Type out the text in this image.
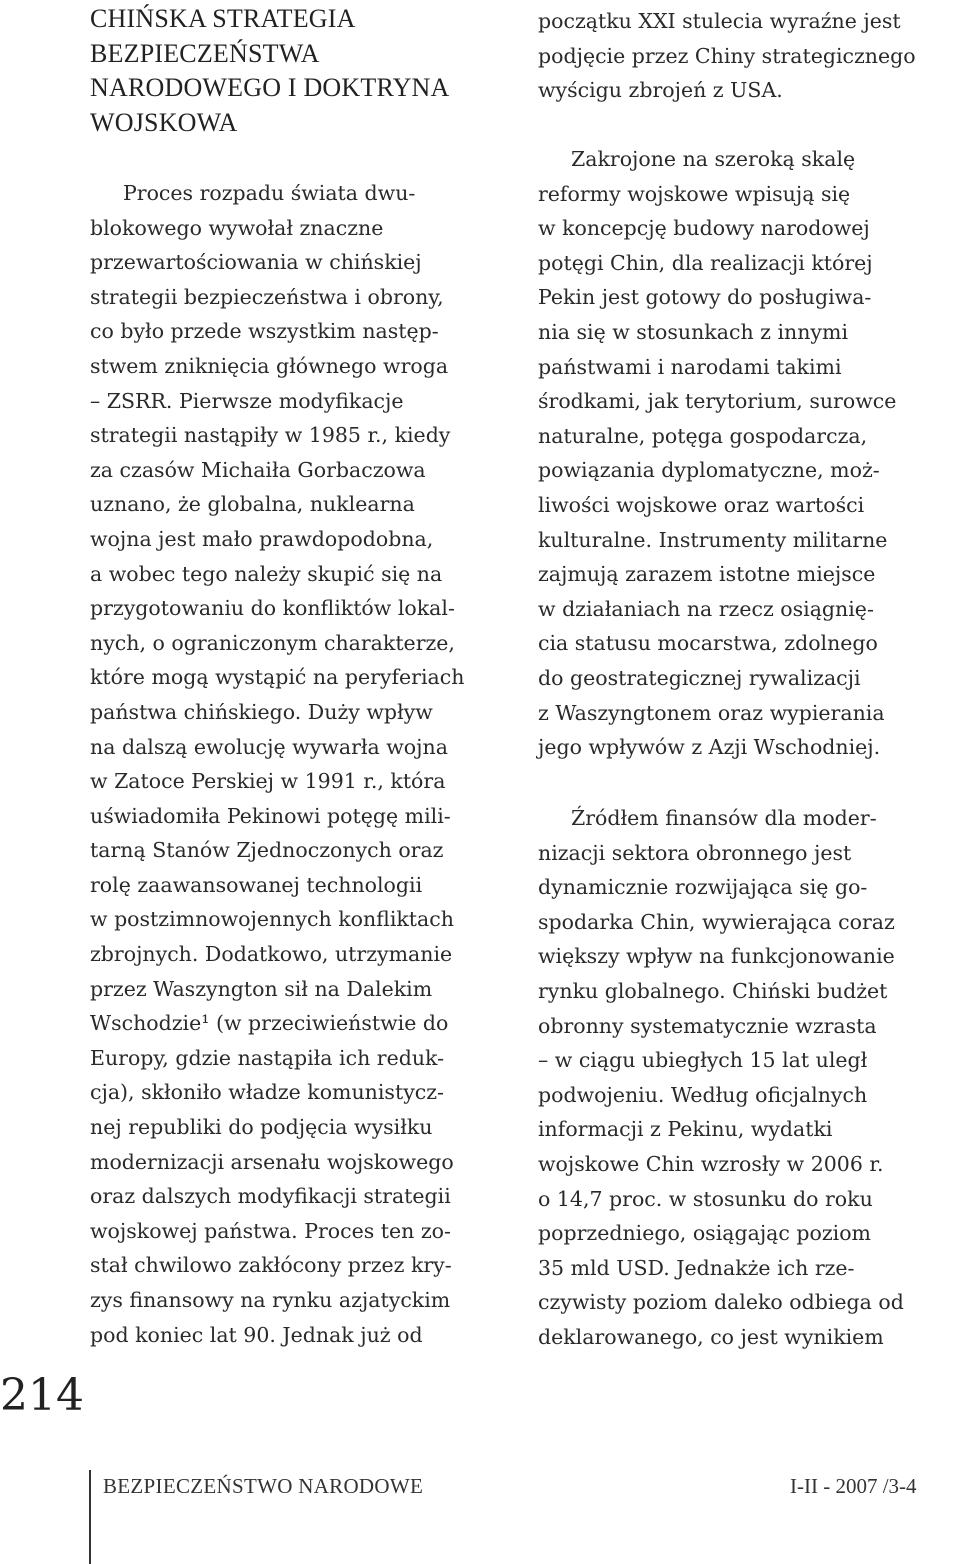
214
CHIŃSKA STRATEGIA
BEZPIECZEŃSTWA
NARODOWEGO I DOKTRYNA
WOJSKOWA
Proces rozpadu świata dwu-
blokowego wywołał znaczne
przewartościowania w chińskiej
strategii bezpieczeństwa i obrony,
co było przede wszystkim następ-
stwem zniknięcia głównego wroga
– ZSRR. Pierwsze modyfikacje
strategii nastąpiły w 1985 r., kiedy
za czasów Michaiła Gorbaczowa
uznano, że globalna, nuklearna
wojna jest mało prawdopodobna,
a wobec tego należy skupić się na
przygotowaniu do konfliktów lokal-
nych, o ograniczonym charakterze,
które mogą wystąpić na peryferiach
państwa chińskiego. Duży wpływ
na dalszą ewolucję wywarła wojna
w Zatoce Perskiej w 1991 r., która
uświadomiła Pekinowi potęgę mili-
tarną Stanów Zjednoczonych oraz
rolę zaawansowanej technologii
w postzimnowojennych konfliktach
zbrojnych. Dodatkowo, utrzymanie
przez Waszyngton sił na Dalekim
Wschodzie¹ (w przeciwieństwie do
Europy, gdzie nastąpiła ich reduk-
cja), skłoniło władze komunistycz-
nej republiki do podjęcia wysiłku
modernizacji arsenału wojskowego
oraz dalszych modyfikacji strategii
wojskowej państwa. Proces ten zo-
stał chwilowo zakłócony przez kry-
zys finansowy na rynku azjatyckim
pod koniec lat 90. Jednak już od
początku XXI stulecia wyraźne jest
podjęcie przez Chiny strategicznego
wyścigu zbrojeń z USA.
Zakrojone na szeroką skalę
reformy wojskowe wpisują się
w koncepcję budowy narodowej
potęgi Chin, dla realizacji której
Pekin jest gotowy do posługiwa-
nia się w stosunkach z innymi
państwami i narodami takimi
środkami, jak terytorium, surowce
naturalne, potęga gospodarcza,
powiązania dyplomatyczne, moż-
liwości wojskowe oraz wartości
kulturalne. Instrumenty militarne
zajmują zarazem istotne miejsce
w działaniach na rzecz osiągnię-
cia statusu mocarstwa, zdolnego
do geostrategicznej rywalizacji
z Waszyngtonem oraz wypierania
jego wpływów z Azji Wschodniej.
Źródłem finansów dla moder-
nizacji sektora obronnego jest
dynamicznie rozwijająca się go-
spodarka Chin, wywierająca coraz
większy wpływ na funkcjonowanie
rynku globalnego. Chiński budżet
obronny systematycznie wzrasta
– w ciągu ubiegłych 15 lat uległ
podwojeniu. Według oficjalnych
informacji z Pekinu, wydatki
wojskowe Chin wzrosły w 2006 r.
o 14,7 proc. w stosunku do roku
poprzedniego, osiągając poziom
35 mld USD. Jednakże ich rze-
czywisty poziom daleko odbiega od
deklarowanego, co jest wynikiem
BEZPIECZEŃSTWO NARODOWE	I-II - 2007 /3-4
